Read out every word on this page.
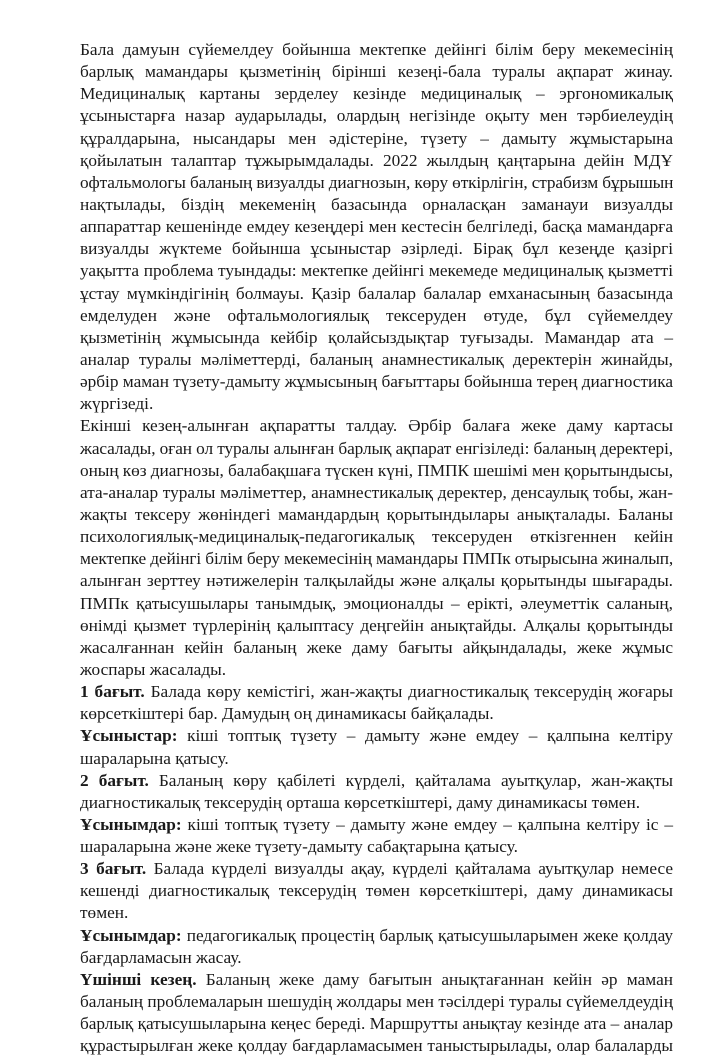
Бала дамуын сүйемелдеу бойынша мектепке дейінгі білім беру мекемесінің
барлық мамандары қызметінің бірінші кезеңі-бала туралы ақпарат жинау.
Медициналық картаны зерделеу кезінде медициналық – эргономикалық
ұсыныстарға назар аударылады, олардың негізінде оқыту мен тәрбиелеудің
құралдарына, нысандары мен әдістеріне, түзету – дамыту жұмыстарына
қойылатын талаптар тұжырымдалады. 2022 жылдың қаңтарына дейін МДҰ
офтальмологы баланың визуалды диагнозын, көру өткірлігін, страбизм бұрышын
нақтылады, біздің мекеменің базасында орналасқан заманауи визуалды
аппараттар кешенінде емдеу кезеңдері мен кестесін белгіледі, басқа мамандарға
визуалды жүктеме бойынша ұсыныстар әзірледі. Бірақ бұл кезеңде қазіргі
уақытта проблема туындады: мектепке дейінгі мекемеде медициналық қызметті
ұстау мүмкіндігінің болмауы. Қазір балалар балалар емханасының базасында
емделуден және офтальмологиялық тексеруден өтуде, бұл сүйемелдеу
қызметінің жұмысында кейбір қолайсыздықтар туғызады. Мамандар ата –
аналар туралы мәліметтерді, баланың анамнестикалық деректерін жинайды,
әрбір маман түзету-дамыту жұмысының бағыттары бойынша терең диагностика
жүргізеді.
Екінші кезең-алынған ақпаратты талдау. Әрбір балаға жеке даму картасы
жасалады, оған ол туралы алынған барлық ақпарат енгізіледі: баланың деректері,
оның көз диагнозы, балабақшаға түскен күні, ПМПК шешімі мен қорытындысы,
ата-аналар туралы мәліметтер, анамнестикалық деректер, денсаулық тобы, жан-
жақты тексеру жөніндегі мамандардың қорытындылары анықталады. Баланы
психологиялық-медициналық-педагогикалық тексеруден өткізгеннен кейін
мектепке дейінгі білім беру мекемесінің мамандары ПМПк отырысына жиналып,
алынған зерттеу нәтижелерін талқылайды және алқалы қорытынды шығарады.
ПМПк қатысушылары танымдық, эмоционалды – ерікті, әлеуметтік саланың,
өнімді қызмет түрлерінің қалыптасу деңгейін анықтайды. Алқалы қорытынды
жасалғаннан кейін баланың жеке даму бағыты айқындалады, жеке жұмыс
жоспары жасалады.
1 бағыт. Балада көру кемістігі, жан-жақты диагностикалық тексерудің жоғары
көрсеткіштері бар. Дамудың оң динамикасы байқалады.
Ұсыныстар: кіші топтық түзету – дамыту және емдеу – қалпына келтіру
шараларына қатысу.
2 бағыт. Баланың көру қабілеті күрделі, қайталама ауытқулар, жан-жақты
диагностикалық тексерудің орташа көрсеткіштері, даму динамикасы төмен.
Ұсынымдар: кіші топтық түзету – дамыту және емдеу – қалпына келтіру іс –
шараларына және жеке түзету-дамыту сабақтарына қатысу.
3 бағыт. Балада күрделі визуалды ақау, күрделі қайталама ауытқулар немесе
кешенді диагностикалық тексерудің төмен көрсеткіштері, даму динамикасы
төмен.
Ұсынымдар: педагогикалық процестің барлық қатысушыларымен жеке қолдау
бағдарламасын жасау.
Үшінші кезең. Баланың жеке даму бағытын анықтағаннан кейін әр маман
баланың проблемаларын шешудің жолдары мен тәсілдері туралы сүйемелдеудің
барлық қатысушыларына кеңес береді. Маршрутты анықтау кезінде ата – аналар
құрастырылған жеке қолдау бағдарламасымен таныстырылады, олар балаларды
